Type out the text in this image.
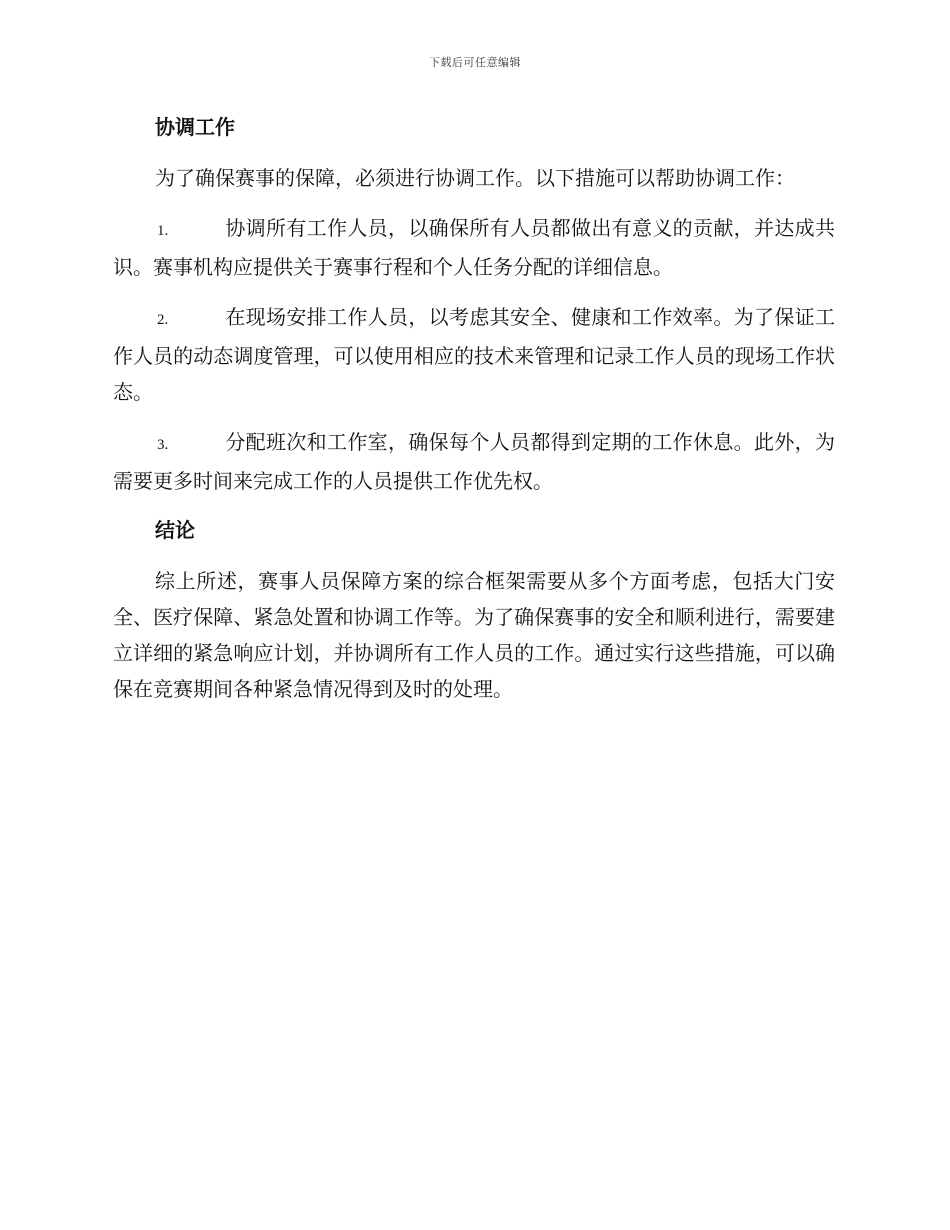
下载后可任意编辑
协调工作

为了确保赛事的保障，必须进行协调工作。以下措施可以帮助协调工作：

1.	协调所有工作人员，以确保所有人员都做出有意义的贡献，并达成共识。赛事机构应提供关于赛事行程和个人任务分配的详细信息。

2.	在现场安排工作人员，以考虑其安全、健康和工作效率。为了保证工作人员的动态调度管理，可以使用相应的技术来管理和记录工作人员的现场工作状态。

3.	分配班次和工作室，确保每个人员都得到定期的工作休息。此外，为需要更多时间来完成工作的人员提供工作优先权。

结论

综上所述，赛事人员保障方案的综合框架需要从多个方面考虑，包括大门安全、医疗保障、紧急处置和协调工作等。为了确保赛事的安全和顺利进行，需要建立详细的紧急响应计划，并协调所有工作人员的工作。通过实行这些措施，可以确保在竞赛期间各种紧急情况得到及时的处理。
